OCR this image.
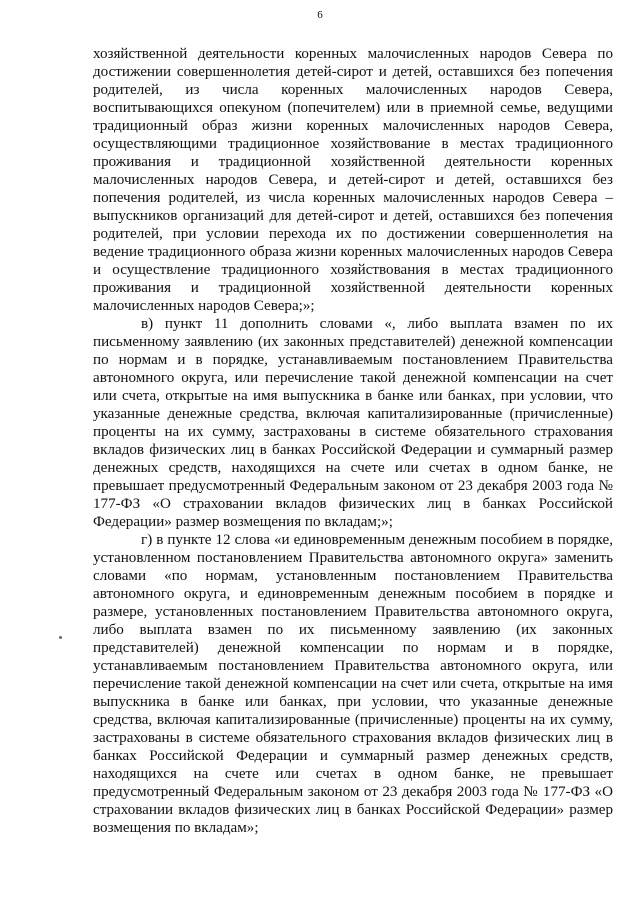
6

хозяйственной деятельности коренных малочисленных народов Севера по достижении совершеннолетия детей-сирот и детей, оставшихся без попечения родителей, из числа коренных малочисленных народов Севера, воспитывающихся опекуном (попечителем) или в приемной семье, ведущими традиционный образ жизни коренных малочисленных народов Севера, осуществляющими традиционное хозяйствование в местах традиционного проживания и традиционной хозяйственной деятельности коренных малочисленных народов Севера, и детей-сирот и детей, оставшихся без попечения родителей, из числа коренных малочисленных народов Севера – выпускников организаций для детей-сирот и детей, оставшихся без попечения родителей, при условии перехода их по достижении совершеннолетия на ведение традиционного образа жизни коренных малочисленных народов Севера и осуществление традиционного хозяйствования в местах традиционного проживания и традиционной хозяйственной деятельности коренных малочисленных народов Севера;»;

в) пункт 11 дополнить словами «, либо выплата взамен по их письменному заявлению (их законных представителей) денежной компенсации по нормам и в порядке, устанавливаемым постановлением Правительства автономного округа, или перечисление такой денежной компенсации на счет или счета, открытые на имя выпускника в банке или банках, при условии, что указанные денежные средства, включая капитализированные (причисленные) проценты на их сумму, застрахованы в системе обязательного страхования вкладов физических лиц в банках Российской Федерации и суммарный размер денежных средств, находящихся на счете или счетах в одном банке, не превышает предусмотренный Федеральным законом от 23 декабря 2003 года № 177-ФЗ «О страховании вкладов физических лиц в банках Российской Федерации» размер возмещения по вкладам;»;

г) в пункте 12 слова «и единовременным денежным пособием в порядке, установленном постановлением Правительства автономного округа» заменить словами «по нормам, установленным постановлением Правительства автономного округа, и единовременным денежным пособием в порядке и размере, установленных постановлением Правительства автономного округа, либо выплата взамен по их письменному заявлению (их законных представителей) денежной компенсации по нормам и в порядке, устанавливаемым постановлением Правительства автономного округа, или перечисление такой денежной компенсации на счет или счета, открытые на имя выпускника в банке или банках, при условии, что указанные денежные средства, включая капитализированные (причисленные) проценты на их сумму, застрахованы в системе обязательного страхования вкладов физических лиц в банках Российской Федерации и суммарный размер денежных средств, находящихся на счете или счетах в одном банке, не превышает предусмотренный Федеральным законом от 23 декабря 2003 года № 177-ФЗ «О страховании вкладов физических лиц в банках Российской Федерации» размер возмещения по вкладам»;
